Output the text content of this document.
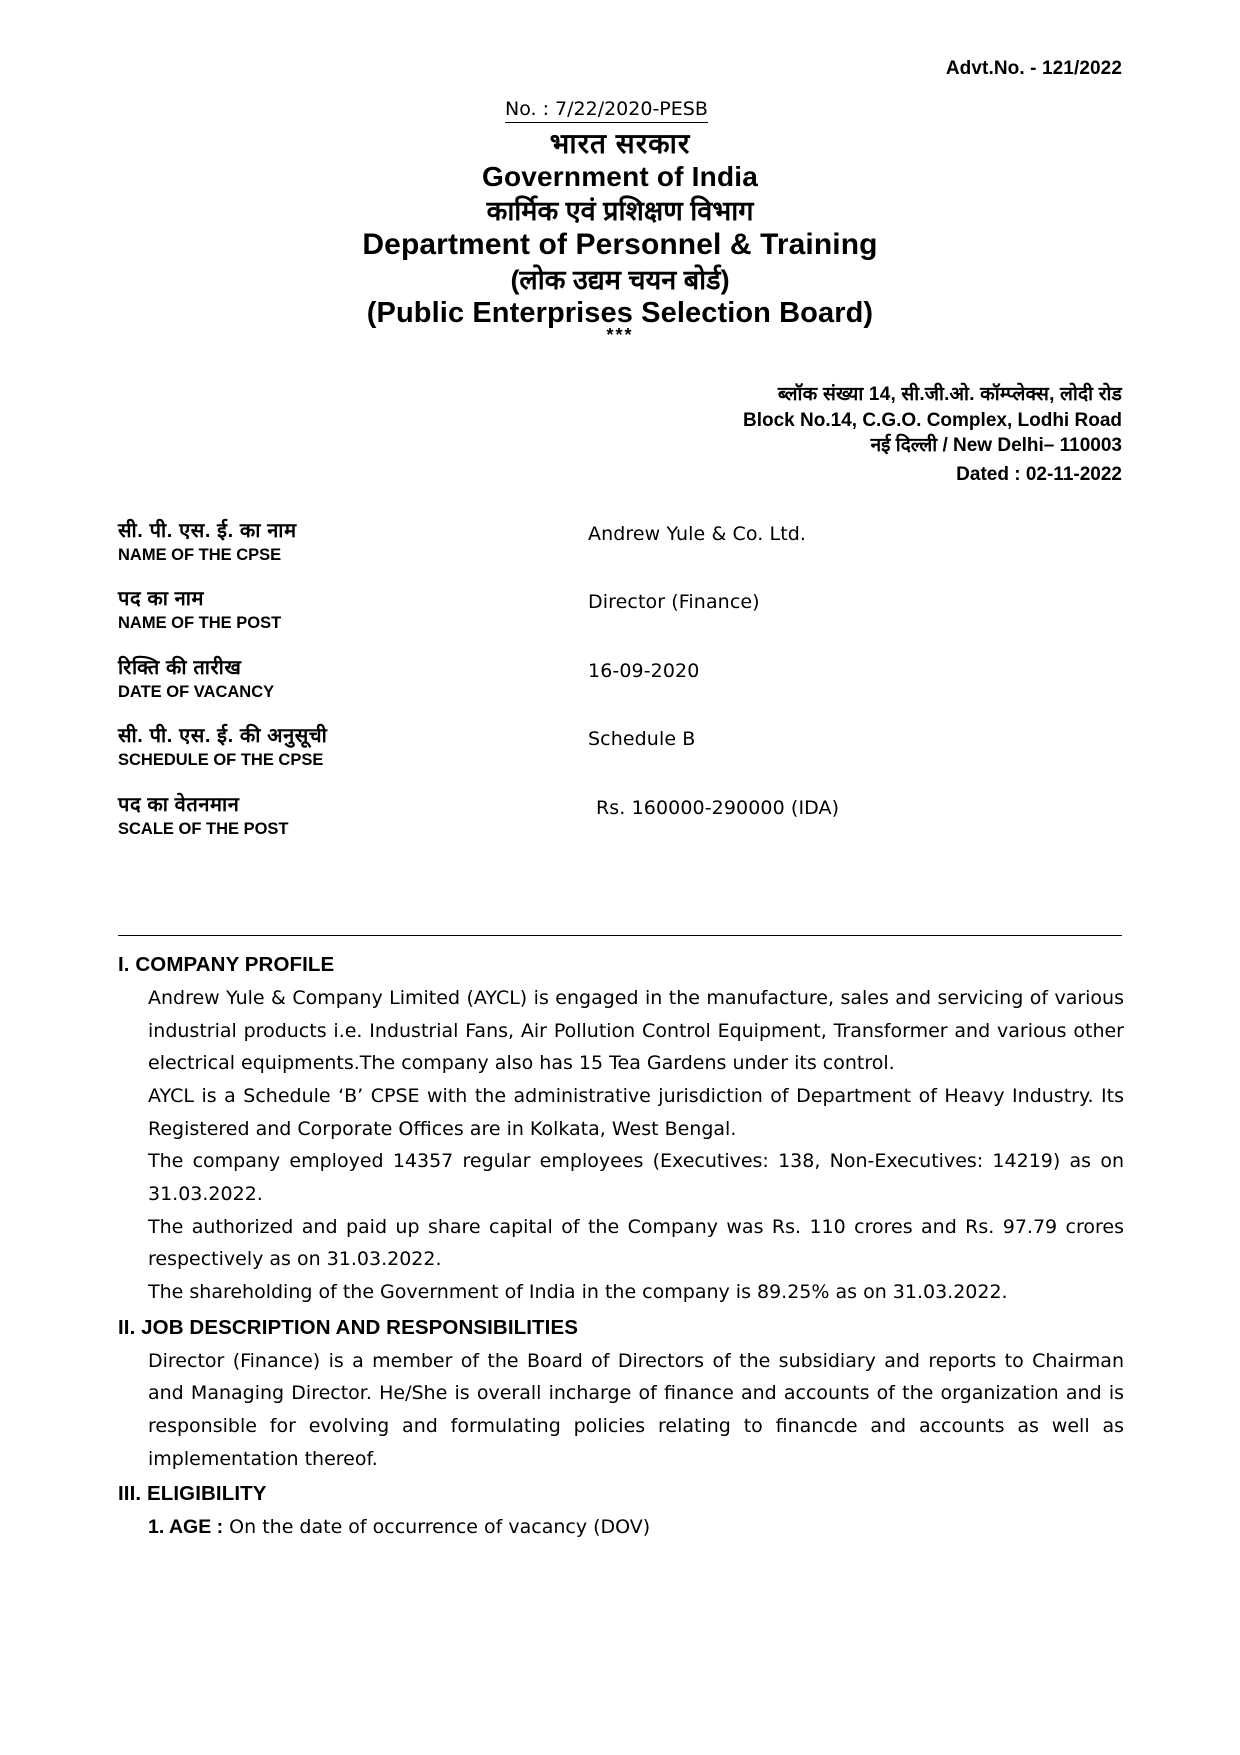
Advt.No. - 121/2022
No. : 7/22/2020-PESB
भारत सरकार
Government of India
कार्मिक एवं प्रशिक्षण विभाग
Department of Personnel & Training
(लोक उद्यम चयन बोर्ड)
(Public Enterprises Selection Board)
***
ब्लॉक संख्या 14, सी.जी.ओ. कॉम्प्लेक्स, लोदी रोड
Block No.14, C.G.O. Complex, Lodhi Road
नई दिल्ली / New Delhi– 110003
Dated : 02-11-2022
सी. पी. एस. ई. का नाम
NAME OF THE CPSE
Andrew Yule & Co. Ltd.
पद का नाम
NAME OF THE POST
Director (Finance)
रिक्ति की तारीख
DATE OF VACANCY
16-09-2020
सी. पी. एस. ई. की अनुसूची
SCHEDULE OF THE CPSE
Schedule B
पद का वेतनमान
SCALE OF THE POST
Rs. 160000-290000 (IDA)
I. COMPANY PROFILE

Andrew Yule & Company Limited (AYCL) is engaged in the manufacture, sales and servicing of various industrial products i.e. Industrial Fans, Air Pollution Control Equipment, Transformer and various other electrical equipments.The company also has 15 Tea Gardens under its control.

AYCL is a Schedule ‘B’ CPSE with the administrative jurisdiction of Department of Heavy Industry. Its Registered and Corporate Offices are in Kolkata, West Bengal.

The company employed 14357 regular employees (Executives: 138, Non-Executives: 14219) as on 31.03.2022.

The authorized and paid up share capital of the Company was Rs. 110 crores and Rs. 97.79 crores respectively as on 31.03.2022.

The shareholding of the Government of India in the company is 89.25% as on 31.03.2022.

II. JOB DESCRIPTION AND RESPONSIBILITIES

Director (Finance) is a member of the Board of Directors of the subsidiary and reports to Chairman and Managing Director. He/She is overall incharge of finance and accounts of the organization and is responsible for evolving and formulating policies relating to financde and accounts as well as implementation thereof.

III. ELIGIBILITY
1. AGE : On the date of occurrence of vacancy (DOV)
